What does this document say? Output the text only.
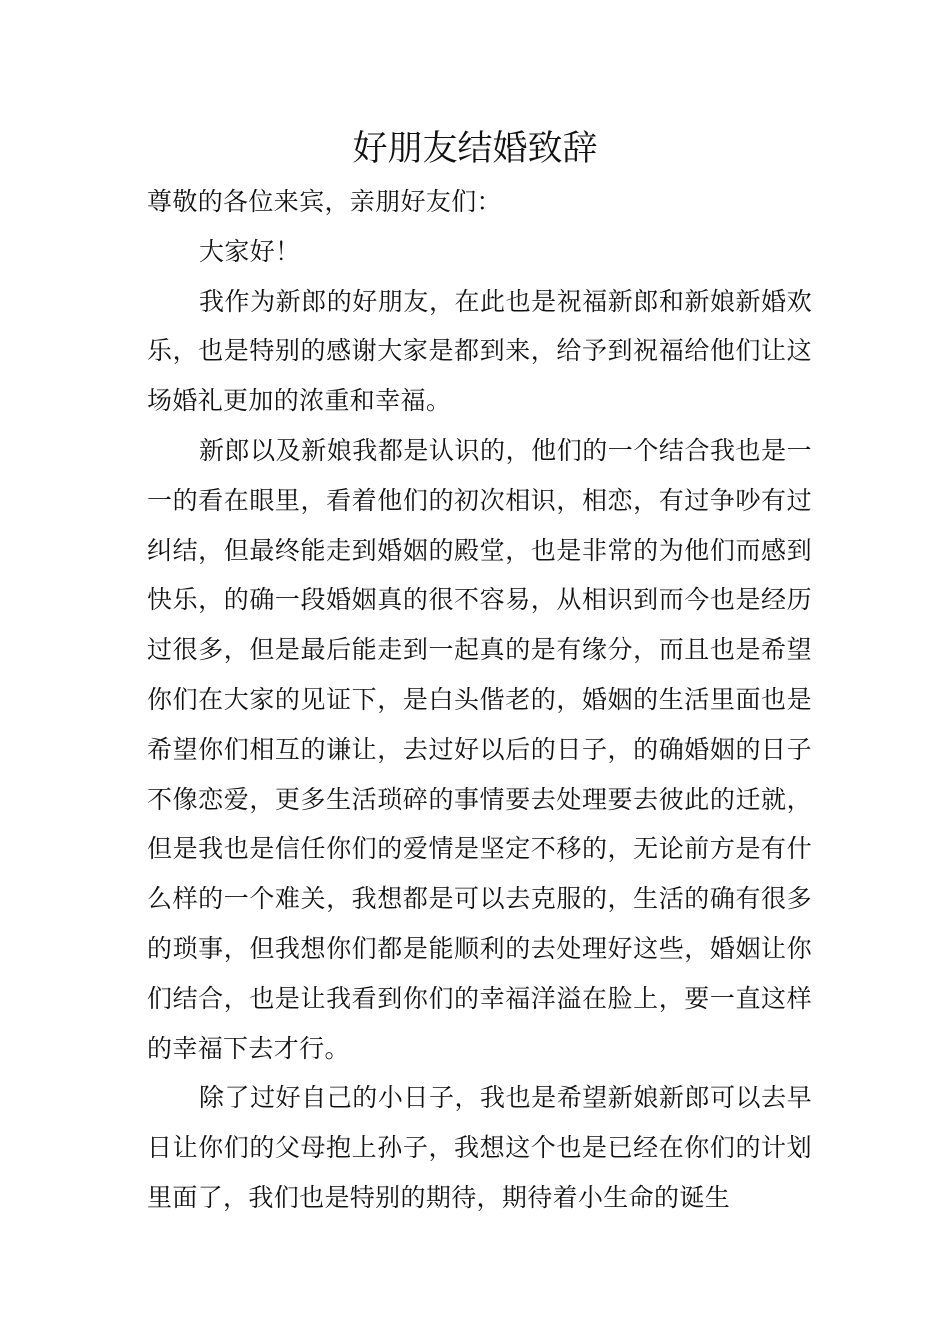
好朋友结婚致辞

尊敬的各位来宾，亲朋好友们：

大家好！

我作为新郎的好朋友，在此也是祝福新郎和新娘新婚欢乐，也是特别的感谢大家是都到来，给予到祝福给他们让这场婚礼更加的浓重和幸福。

新郎以及新娘我都是认识的，他们的一个结合我也是一一的看在眼里，看着他们的初次相识，相恋，有过争吵有过纠结，但最终能走到婚姻的殿堂，也是非常的为他们而感到快乐，的确一段婚姻真的很不容易，从相识到而今也是经历过很多，但是最后能走到一起真的是有缘分，而且也是希望你们在大家的见证下，是白头偕老的，婚姻的生活里面也是希望你们相互的谦让，去过好以后的日子，的确婚姻的日子不像恋爱，更多生活琐碎的事情要去处理要去彼此的迁就，但是我也是信任你们的爱情是坚定不移的，无论前方是有什么样的一个难关，我想都是可以去克服的，生活的确有很多的琐事，但我想你们都是能顺利的去处理好这些，婚姻让你们结合，也是让我看到你们的幸福洋溢在脸上，要一直这样的幸福下去才行。

除了过好自己的小日子，我也是希望新娘新郎可以去早日让你们的父母抱上孙子，我想这个也是已经在你们的计划里面了，我们也是特别的期待，期待着小生命的诞生
